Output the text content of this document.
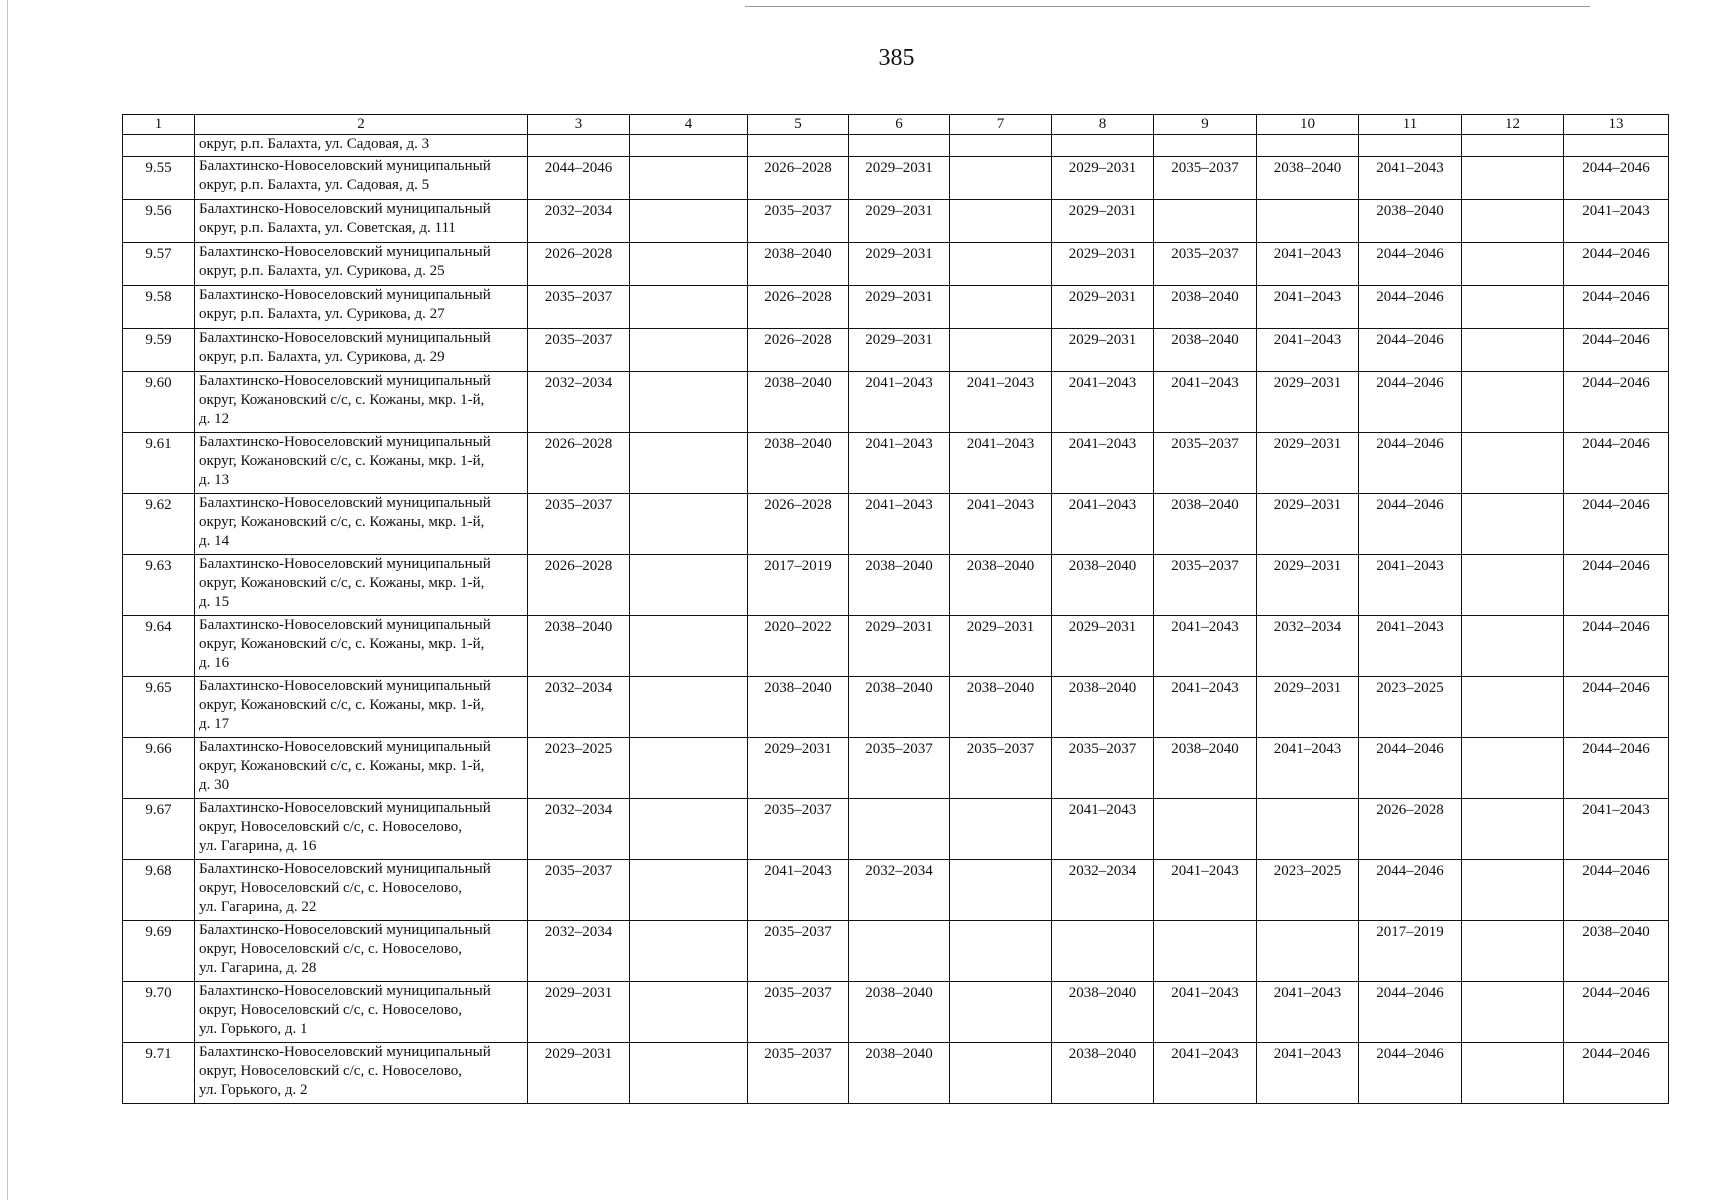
385
1	2	3	4	5	6	7	8	9	10	11	12	13

	округ, р.п. Балахта, ул. Садовая, д. 3											

9.55	Балахтинско-Новоселовский муниципальный
округ, р.п. Балахта, ул. Садовая, д. 5	2044–2046		2026–2028	2029–2031		2029–2031	2035–2037	2038–2040	2041–2043		2044–2046
9.56	Балахтинско-Новоселовский муниципальный
округ, р.п. Балахта, ул. Советская, д. 111	2032–2034		2035–2037	2029–2031		2029–2031			2038–2040		2041–2043
9.57	Балахтинско-Новоселовский муниципальный
округ, р.п. Балахта, ул. Сурикова, д. 25	2026–2028		2038–2040	2029–2031		2029–2031	2035–2037	2041–2043	2044–2046		2044–2046
9.58	Балахтинско-Новоселовский муниципальный
округ, р.п. Балахта, ул. Сурикова, д. 27	2035–2037		2026–2028	2029–2031		2029–2031	2038–2040	2041–2043	2044–2046		2044–2046
9.59	Балахтинско-Новоселовский муниципальный
округ, р.п. Балахта, ул. Сурикова, д. 29	2035–2037		2026–2028	2029–2031		2029–2031	2038–2040	2041–2043	2044–2046		2044–2046
9.60	Балахтинско-Новоселовский муниципальный
округ, Кожановский с/с, с. Кожаны, мкр. 1-й,
д. 12	2032–2034		2038–2040	2041–2043	2041–2043	2041–2043	2041–2043	2029–2031	2044–2046		2044–2046
9.61	Балахтинско-Новоселовский муниципальный
округ, Кожановский с/с, с. Кожаны, мкр. 1-й,
д. 13	2026–2028		2038–2040	2041–2043	2041–2043	2041–2043	2035–2037	2029–2031	2044–2046		2044–2046
9.62	Балахтинско-Новоселовский муниципальный
округ, Кожановский с/с, с. Кожаны, мкр. 1-й,
д. 14	2035–2037		2026–2028	2041–2043	2041–2043	2041–2043	2038–2040	2029–2031	2044–2046		2044–2046
9.63	Балахтинско-Новоселовский муниципальный
округ, Кожановский с/с, с. Кожаны, мкр. 1-й,
д. 15	2026–2028		2017–2019	2038–2040	2038–2040	2038–2040	2035–2037	2029–2031	2041–2043		2044–2046
9.64	Балахтинско-Новоселовский муниципальный
округ, Кожановский с/с, с. Кожаны, мкр. 1-й,
д. 16	2038–2040		2020–2022	2029–2031	2029–2031	2029–2031	2041–2043	2032–2034	2041–2043		2044–2046
9.65	Балахтинско-Новоселовский муниципальный
округ, Кожановский с/с, с. Кожаны, мкр. 1-й,
д. 17	2032–2034		2038–2040	2038–2040	2038–2040	2038–2040	2041–2043	2029–2031	2023–2025		2044–2046
9.66	Балахтинско-Новоселовский муниципальный
округ, Кожановский с/с, с. Кожаны, мкр. 1-й,
д. 30	2023–2025		2029–2031	2035–2037	2035–2037	2035–2037	2038–2040	2041–2043	2044–2046		2044–2046
9.67	Балахтинско-Новоселовский муниципальный
округ, Новоселовский с/с, с. Новоселово,
ул. Гагарина, д. 16	2032–2034		2035–2037			2041–2043			2026–2028		2041–2043
9.68	Балахтинско-Новоселовский муниципальный
округ, Новоселовский с/с, с. Новоселово,
ул. Гагарина, д. 22	2035–2037		2041–2043	2032–2034		2032–2034	2041–2043	2023–2025	2044–2046		2044–2046
9.69	Балахтинско-Новоселовский муниципальный
округ, Новоселовский с/с, с. Новоселово,
ул. Гагарина, д. 28	2032–2034		2035–2037						2017–2019		2038–2040
9.70	Балахтинско-Новоселовский муниципальный
округ, Новоселовский с/с, с. Новоселово,
ул. Горького, д. 1	2029–2031		2035–2037	2038–2040		2038–2040	2041–2043	2041–2043	2044–2046		2044–2046
9.71	Балахтинско-Новоселовский муниципальный
округ, Новоселовский с/с, с. Новоселово,
ул. Горького, д. 2	2029–2031		2035–2037	2038–2040		2038–2040	2041–2043	2041–2043	2044–2046		2044–2046
